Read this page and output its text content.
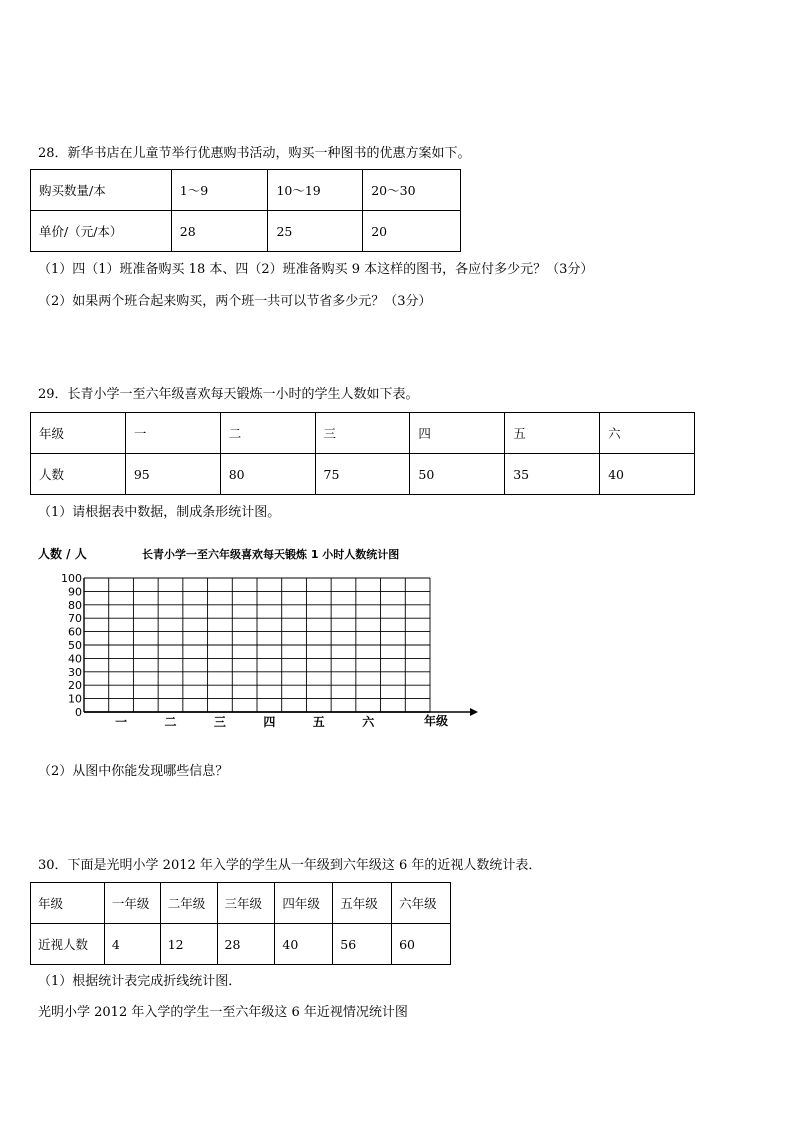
28．新华书店在儿童节举行优惠购书活动，购买一种图书的优惠方案如下。
购买数量/本	1～9	10～19	20～30
单价/（元/本）	28	25	20
（1）四（1）班准备购买 18 本、四（2）班准备购买 9 本这样的图书，各应付多少元？（3分）
（2）如果两个班合起来购买，两个班一共可以节省多少元？（3分）
29．长青小学一至六年级喜欢每天锻炼一小时的学生人数如下表。
年级	一	二	三	四	五	六
人数	95	80	75	50	35	40
（1）请根据表中数据，制成条形统计图。
人数 / 人	长青小学一至六年级喜欢每天锻炼 1 小时人数统计图
100
90
80
70
60
50
40
30
20
10
0
一	二	三	四	五	六	年级
（2）从图中你能发现哪些信息？
30．下面是光明小学 2012 年入学的学生从一年级到六年级这 6 年的近视人数统计表．
年级	一年级	二年级	三年级	四年级	五年级	六年级
近视人数	4	12	28	40	56	60
（1）根据统计表完成折线统计图．
光明小学 2012 年入学的学生一至六年级这 6 年近视情况统计图
